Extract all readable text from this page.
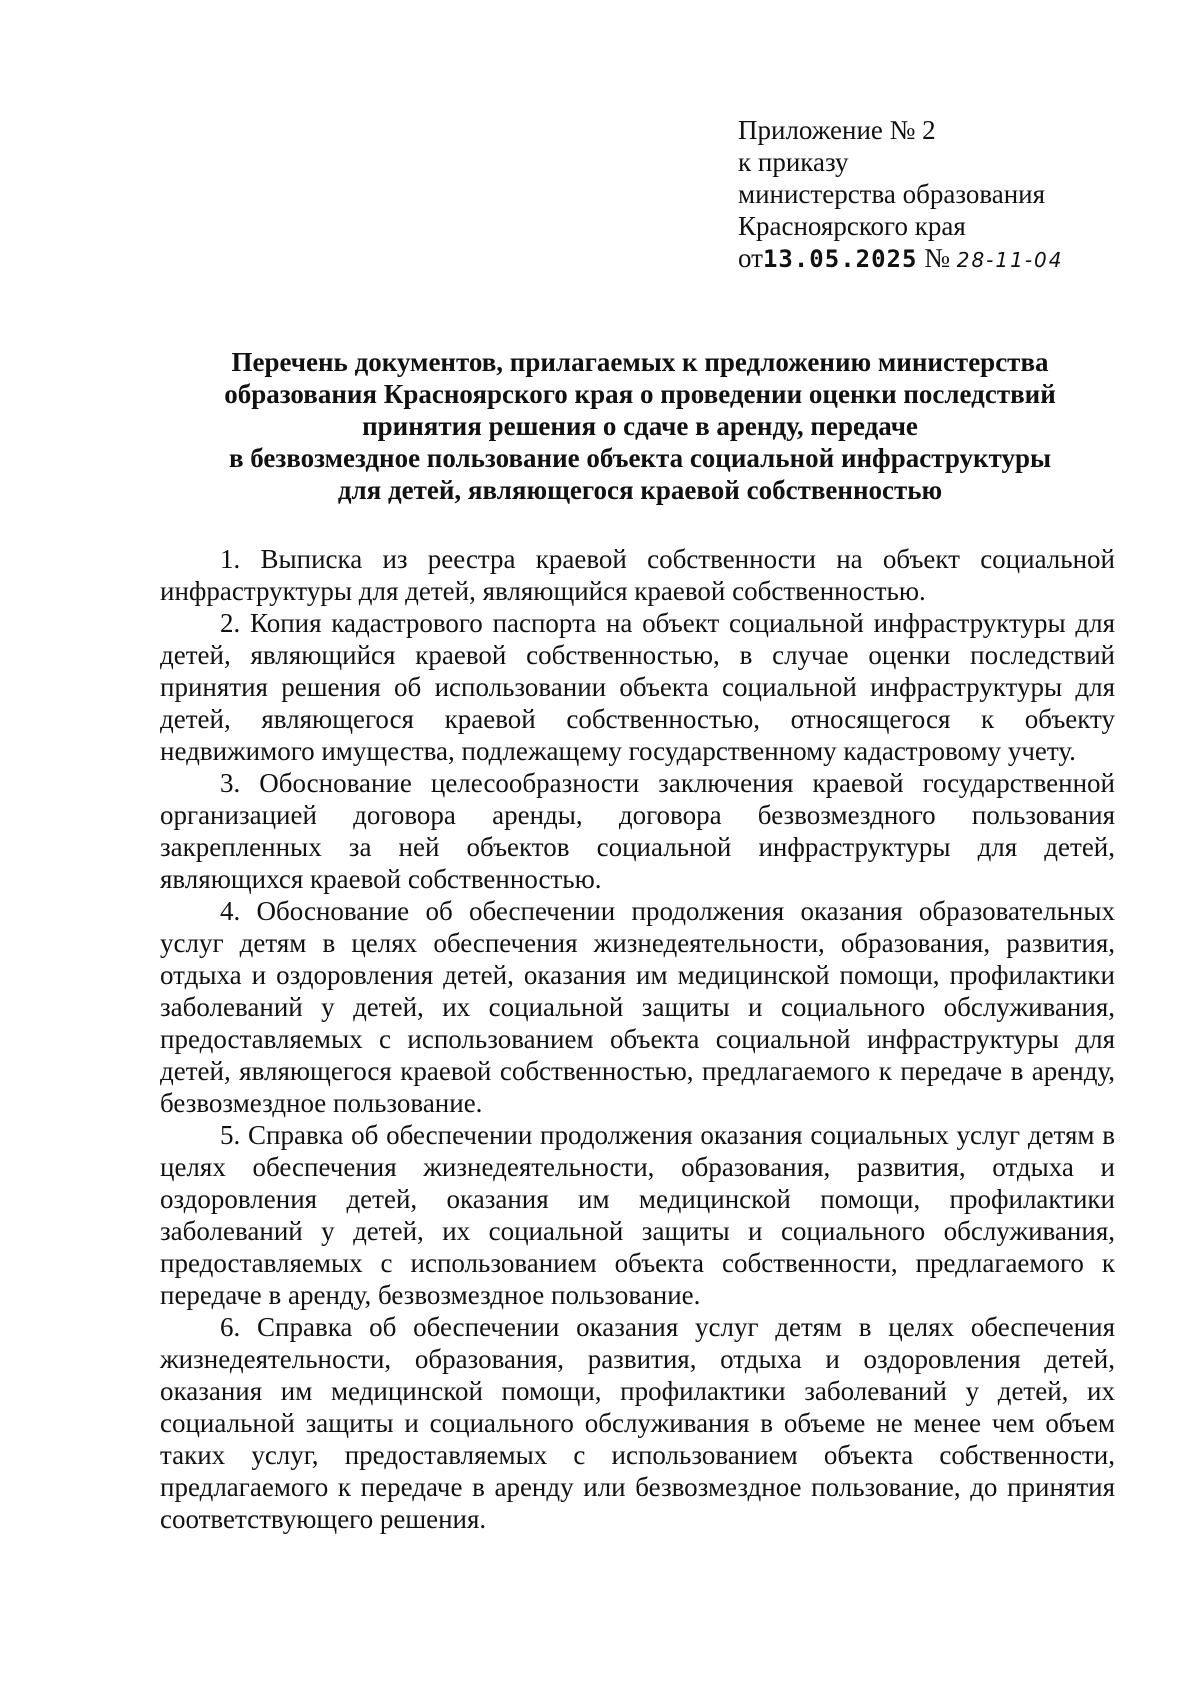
Приложение № 2
к приказу
министерства образования
Красноярского края
от13.05.2025 № 28-11-04
Перечень документов, прилагаемых к предложению министерства
образования Красноярского края о проведении оценки последствий
принятия решения о сдаче в аренду, передаче
в безвозмездное пользование объекта социальной инфраструктуры
для детей, являющегося краевой собственностью

1. Выписка из реестра краевой собственности на объект социальной инфраструктуры для детей, являющийся краевой собственностью.

2. Копия кадастрового паспорта на объект социальной инфраструктуры для детей, являющийся краевой собственностью, в случае оценки последствий принятия решения об использовании объекта социальной инфраструктуры для детей, являющегося краевой собственностью, относящегося к объекту недвижимого имущества, подлежащему государственному кадастровому учету.

3. Обоснование целесообразности заключения краевой государственной организацией договора аренды, договора безвозмездного пользования закрепленных за ней объектов социальной инфраструктуры для детей, являющихся краевой собственностью.

4. Обоснование об обеспечении продолжения оказания образовательных услуг детям в целях обеспечения жизнедеятельности, образования, развития, отдыха и оздоровления детей, оказания им медицинской помощи, профилактики заболеваний у детей, их социальной защиты и социального обслуживания, предоставляемых с использованием объекта социальной инфраструктуры для детей, являющегося краевой собственностью, предлагаемого к передаче в аренду, безвозмездное пользование.

5. Справка об обеспечении продолжения оказания социальных услуг детям в целях обеспечения жизнедеятельности, образования, развития, отдыха и оздоровления детей, оказания им медицинской помощи, профилактики заболеваний у детей, их социальной защиты и социального обслуживания, предоставляемых с использованием объекта собственности, предлагаемого к передаче в аренду, безвозмездное пользование.

6. Справка об обеспечении оказания услуг детям в целях обеспечения жизнедеятельности, образования, развития, отдыха и оздоровления детей, оказания им медицинской помощи, профилактики заболеваний у детей, их социальной защиты и социального обслуживания в объеме не менее чем объем таких услуг, предоставляемых с использованием объекта собственности, предлагаемого к передаче в аренду или безвозмездное пользование, до принятия соответствующего решения.
